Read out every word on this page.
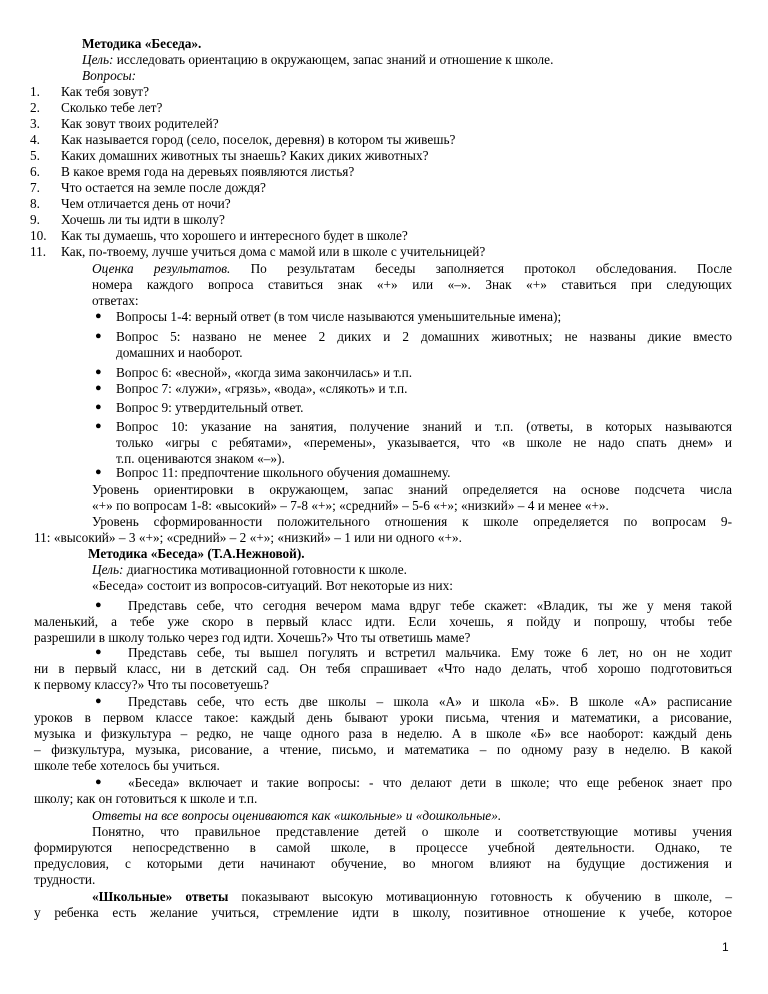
Методика «Беседа».
Цель: исследовать ориентацию в окружающем, запас знаний и отношение к школе.
Вопросы:
1. Как тебя зовут?
2. Сколько тебе лет?
3. Как зовут твоих родителей?
4. Как называется город (село, поселок, деревня) в котором ты живешь?
5. Каких домашних животных ты знаешь? Каких диких животных?
6. В какое время года на деревьях появляются листья?
7. Что остается на земле после дождя?
8. Чем отличается день от ночи?
9. Хочешь ли ты идти в школу?
10. Как ты думаешь, что хорошего и интересного будет в школе?
11. Как, по-твоему, лучше учиться дома с мамой или в школе с учительницей?
Оценка результатов. По результатам беседы заполняется протокол обследования. После
номера каждого вопроса ставиться знак «+» или «–». Знак «+» ставиться при следующих
ответах:
● Вопросы 1-4: верный ответ (в том числе называются уменьшительные имена);
● Вопрос 5: названо не менее 2 диких и 2 домашних животных; не названы дикие вместо
домашних и наоборот.
● Вопрос 6: «весной», «когда зима закончилась» и т.п.
● Вопрос 7: «лужи», «грязь», «вода», «слякоть» и т.п.
● Вопрос 9: утвердительный ответ.
● Вопрос 10: указание на занятия, получение знаний и т.п. (ответы, в которых называются
только «игры с ребятами», «перемены», указывается, что «в школе не надо спать днем» и
т.п. оцениваются знаком «–»).
● Вопрос 11: предпочтение школьного обучения домашнему.
Уровень ориентировки в окружающем, запас знаний определяется на основе подсчета числа
«+» по вопросам 1-8: «высокий» – 7-8 «+»; «средний» – 5-6 «+»; «низкий» – 4 и менее «+».
Уровень сформированности положительного отношения к школе определяется по вопросам 9-
11: «высокий» – 3 «+»; «средний» – 2 «+»; «низкий» – 1 или ни одного «+».
Методика «Беседа» (Т.А.Нежновой).
Цель: диагностика мотивационной готовности к школе.
«Беседа» состоит из вопросов-ситуаций. Вот некоторые из них:
● Представь себе, что сегодня вечером мама вдруг тебе скажет: «Владик, ты же у меня такой
маленький, а тебе уже скоро в первый класс идти. Если хочешь, я пойду и попрошу, чтобы тебе
разрешили в школу только через год идти. Хочешь?» Что ты ответишь маме?
● Представь себе, ты вышел погулять и встретил мальчика. Ему тоже 6 лет, но он не ходит
ни в первый класс, ни в детский сад. Он тебя спрашивает «Что надо делать, чтоб хорошо подготовиться
к первому классу?» Что ты посоветуешь?
● Представь себе, что есть две школы – школа «А» и школа «Б». В школе «А» расписание
уроков в первом классе такое: каждый день бывают уроки письма, чтения и математики, а рисование,
музыка и физкультура – редко, не чаще одного раза в неделю. А в школе «Б» все наоборот: каждый день
– физкультура, музыка, рисование, а чтение, письмо, и математика – по одному разу в неделю. В какой
школе тебе хотелось бы учиться.
● «Беседа» включает и такие вопросы: - что делают дети в школе; что еще ребенок знает про
школу; как он готовиться к школе и т.п.
Ответы на все вопросы оцениваются как «школьные» и «дошкольные».
Понятно, что правильное представление детей о школе и соответствующие мотивы учения
формируются непосредственно в самой школе, в процессе учебной деятельности. Однако, те
предусловия, с которыми дети начинают обучение, во многом влияют на будущие достижения и
трудности.
«Школьные» ответы показывают высокую мотивационную готовность к обучению в школе, –
у ребенка есть желание учиться, стремление идти в школу, позитивное отношение к учебе, которое
1
